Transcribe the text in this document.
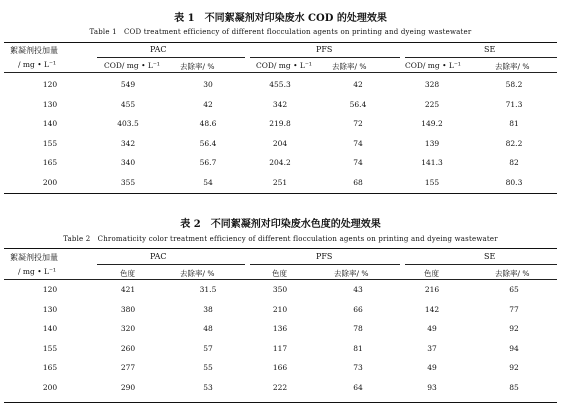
表 1　不同絮凝剂对印染废水 COD 的处理效果
Table 1　COD treatment efficiency of different flocculation agents on printing and dyeing wastewater
絮凝剂投加量
/ mg • L⁻¹
PAC	PFS	SE
COD/ mg • L⁻¹	去除率/ %	COD/ mg • L⁻¹	去除率/ %	COD/ mg • L⁻¹	去除率/ %
120	549	30	455.3	42	328	58.2
130	455	42	342	56.4	225	71.3
140	403.5	48.6	219.8	72	149.2	81
155	342	56.4	204	74	139	82.2
165	340	56.7	204.2	74	141.3	82
200	355	54	251	68	155	80.3
表 2　不同絮凝剂对印染废水色度的处理效果
Table 2　Chromaticity color treatment efficiency of different flocculation agents on printing and dyeing wastewater
絮凝剂投加量
/ mg • L⁻¹
PAC	PFS	SE
色度	去除率/ %	色度	去除率/ %	色度	去除率/ %
120	421	31.5	350	43	216	65
130	380	38	210	66	142	77
140	320	48	136	78	49	92
155	260	57	117	81	37	94
165	277	55	166	73	49	92
200	290	53	222	64	93	85
